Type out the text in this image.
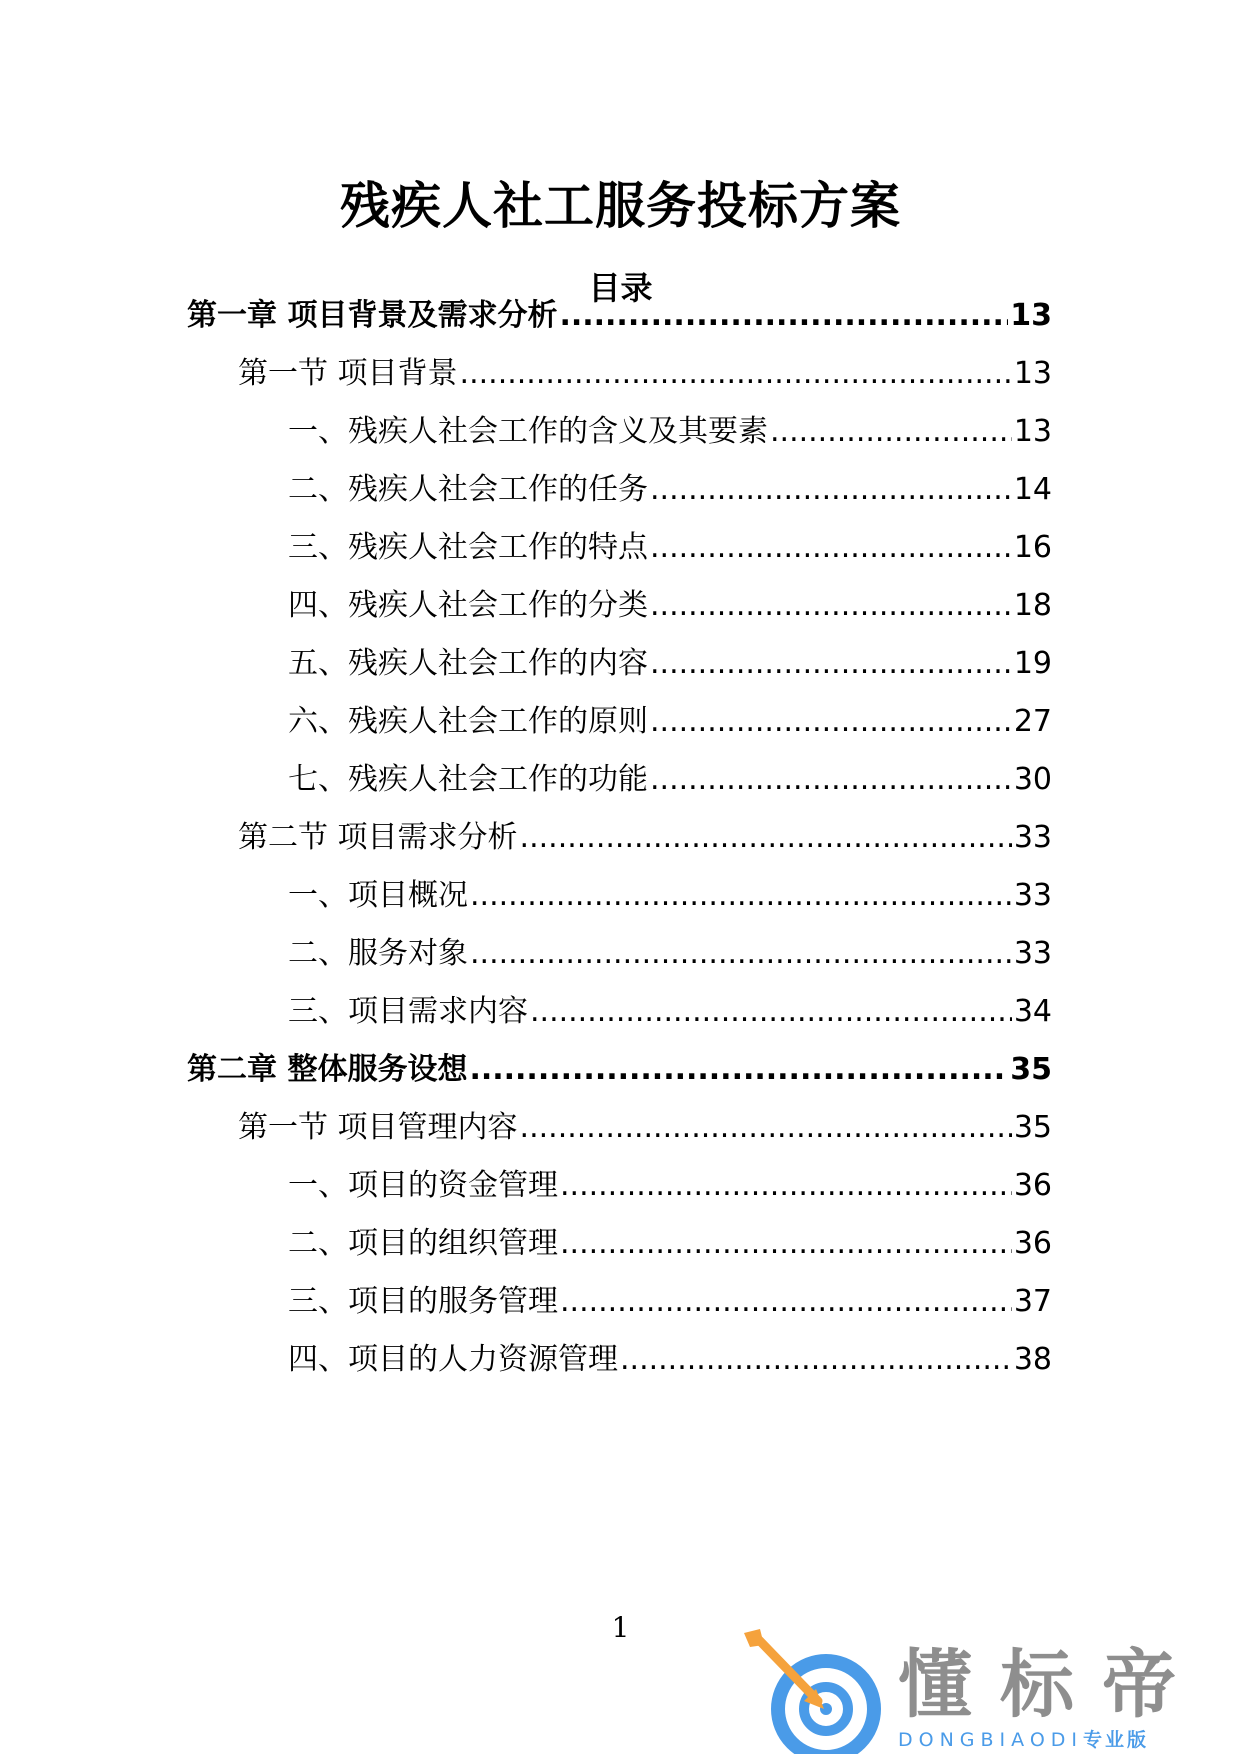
残疾人社工服务投标方案
目录
第一章 项目背景及需求分析 .....	13
第一节 项目背景 .....	13
一、残疾人社会工作的含义及其要素 .....	13
二、残疾人社会工作的任务 .....	14
三、残疾人社会工作的特点 .....	16
四、残疾人社会工作的分类 .....	18
五、残疾人社会工作的内容 .....	19
六、残疾人社会工作的原则 .....	27
七、残疾人社会工作的功能 .....	30
第二节 项目需求分析 .....	33
一、项目概况 .....	33
二、服务对象 .....	33
三、项目需求内容 .....	34
第二章 整体服务设想 .....	35
第一节 项目管理内容 .....	35
一、项目的资金管理 .....	36
二、项目的组织管理 .....	36
三、项目的服务管理 .....	37
四、项目的人力资源管理 .....	38
1
懂标帝
DONGBIAODI专业版
